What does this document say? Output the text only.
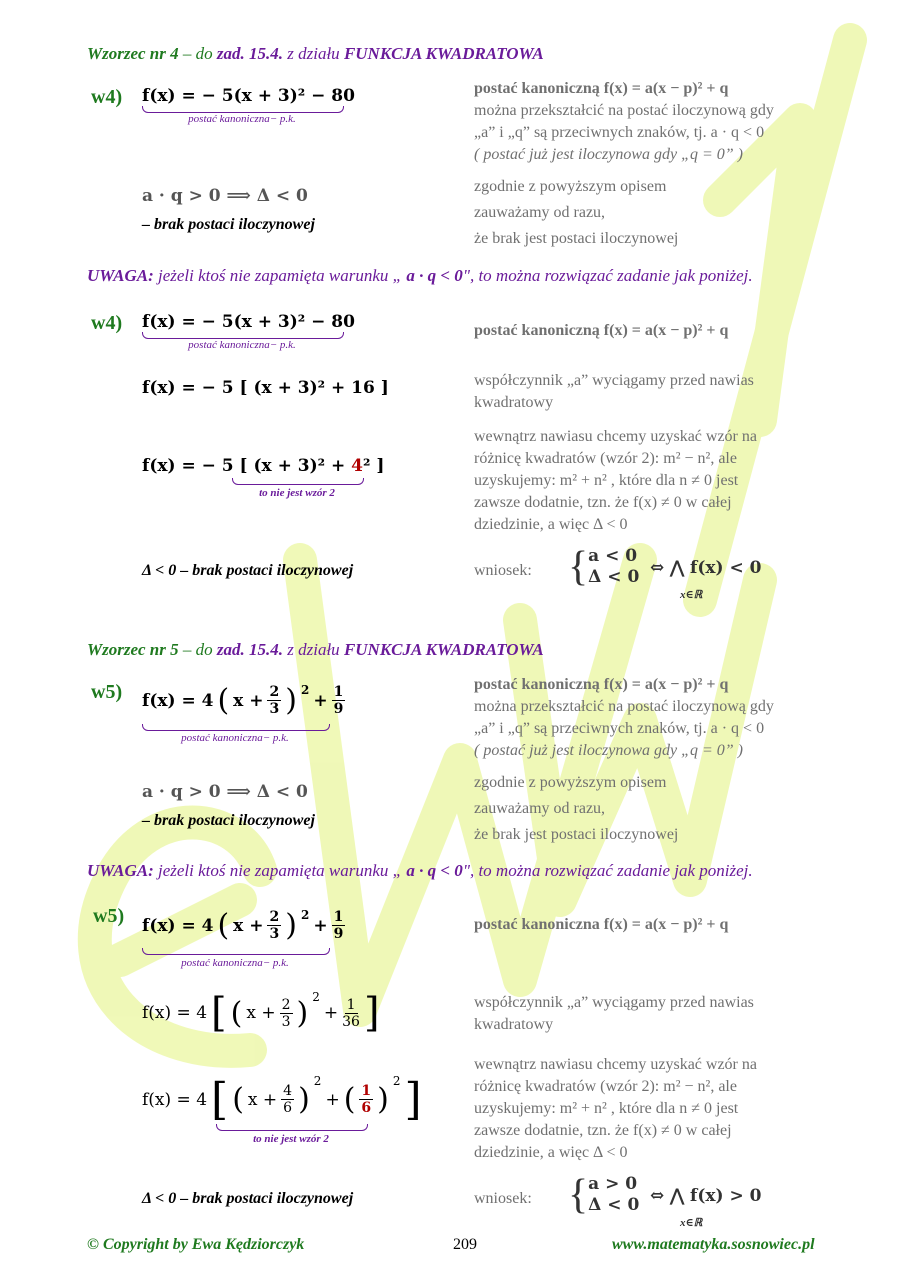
Wzorzec nr 4 – do zad. 15.4. z działu FUNKCJA KWADRATOWA
w4) f(x) = − 5(x + 3)² − 80
postać kanoniczna− p.k.
postać kanoniczną f(x) = a(x − p)² + q
można przekształcić na postać iloczynową gdy
„a” i „q” są przeciwnych znaków, tj. a · q < 0
( postać już jest iloczynowa gdy „q = 0” )
a · q > 0 ⟹ Δ < 0
– brak postaci iloczynowej
zgodnie z powyższym opisem
zauważamy od razu,
że brak jest postaci iloczynowej
UWAGA: jeżeli ktoś nie zapamięta warunku „ a · q < 0", to można rozwiązać zadanie jak poniżej.
w4) f(x) = − 5(x + 3)² − 80
postać kanoniczna− p.k.
postać kanoniczną f(x) = a(x − p)² + q
f(x) = − 5 [ (x + 3)² + 16 ]	współczynnik „a” wyciągamy przed nawias kwadratowy
f(x) = − 5 [ (x + 3)² + 4² ]
to nie jest wzór 2
wewnątrz nawiasu chcemy uzyskać wzór na
różnicę kwadratów (wzór 2): m² − n², ale
uzyskujemy: m² + n² , które dla n ≠ 0 jest
zawsze dodatnie, tzn. że f(x) ≠ 0 w całej
dziedzinie, a więc Δ < 0
Δ < 0 – brak postaci iloczynowej	wniosek: { a < 0
Δ < 0 ⇔ ⋀ f(x) < 0
x∈ℝ
Wzorzec nr 5 – do zad. 15.4. z działu FUNKCJA KWADRATOWA
w5) f(x) = 4 ( $x + \frac{2}{3}$ ) 2
+ $\frac{1}{9}$
postać kanoniczna− p.k.
postać kanoniczną f(x) = a(x − p)² + q
można przekształcić na postać iloczynową gdy
„a” i „q” są przeciwnych znaków, tj. a · q < 0
( postać już jest iloczynowa gdy „q = 0” )
a · q > 0 ⟹ Δ < 0
– brak postaci iloczynowej
zgodnie z powyższym opisem
zauważamy od razu,
że brak jest postaci iloczynowej
UWAGA: jeżeli ktoś nie zapamięta warunku „ a · q < 0", to można rozwiązać zadanie jak poniżej.
w5) f(x) = 4 ( $x + \frac{2}{3}$ ) 2
+ $\frac{1}{9}$
postać kanoniczna− p.k.
postać kanoniczna f(x) = a(x − p)² + q
f(x) = 4 [ ( $x + \frac{2}{3}$ ) 2
+ $\frac{1}{36}$ ]	współczynnik „a” wyciągamy przed nawias kwadratowy
f(x) = 4 [ ( $x + \frac{4}{6}$ )
2
+ ( $\frac{1}{6}$ )
2 ]
to nie jest wzór 2
wewnątrz nawiasu chcemy uzyskać wzór na
różnicę kwadratów (wzór 2): m² − n², ale
uzyskujemy: m² + n² , które dla n ≠ 0 jest
zawsze dodatnie, tzn. że f(x) ≠ 0 w całej
dziedzinie, a więc Δ < 0
Δ < 0 – brak postaci iloczynowej	wniosek: { a > 0
Δ < 0 ⇔ ⋀ f(x) > 0
x∈ℝ
© Copyright by Ewa Kędziorczyk	209	www.matematyka.sosnowiec.pl
